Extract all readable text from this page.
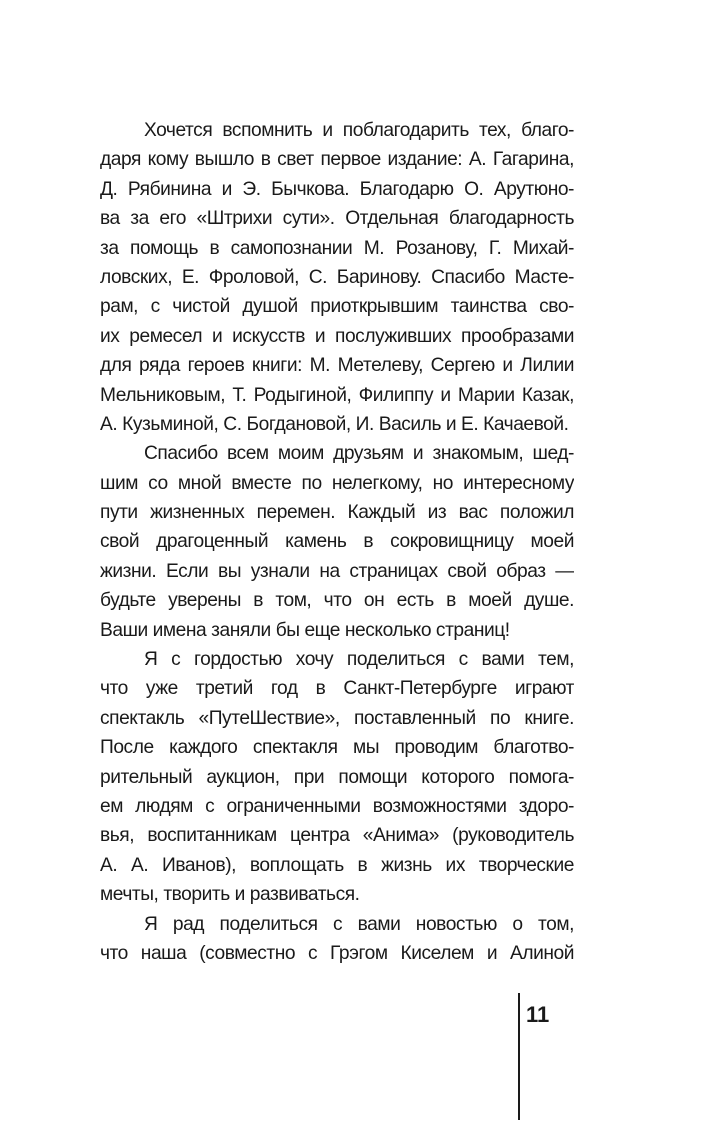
Хочется вспомнить и поблагодарить тех, благо-
даря кому вышло в свет первое издание: А. Гагарина,
Д. Рябинина и Э. Бычкова. Благодарю О. Арутюно-
ва за его «Штрихи сути». Отдельная благодарность
за помощь в самопознании М. Розанову, Г. Михай-
ловских, Е. Фроловой, С. Баринову. Спасибо Масте-
рам, с чистой душой приоткрывшим таинства сво-
их ремесел и искусств и послуживших прообразами
для ряда героев книги: М. Метелеву, Сергею и Лилии
Мельниковым, Т. Родыгиной, Филиппу и Марии Казак,
А. Кузьминой, С. Богдановой, И. Василь и Е. Качаевой.
Спасибо всем моим друзьям и знакомым, шед-
шим со мной вместе по нелегкому, но интересному
пути жизненных перемен. Каждый из вас положил
свой драгоценный камень в сокровищницу моей
жизни. Если вы узнали на страницах свой образ —
будьте уверены в том, что он есть в моей душе.
Ваши имена заняли бы еще несколько страниц!
Я с гордостью хочу поделиться с вами тем,
что уже третий год в Санкт-Петербурге играют
спектакль «ПутеШествие», поставленный по книге.
После каждого спектакля мы проводим благотво-
рительный аукцион, при помощи которого помога-
ем людям с ограниченными возможностями здоро-
вья, воспитанникам центра «Анима» (руководитель
А. А. Иванов), воплощать в жизнь их творческие
мечты, творить и развиваться.
Я рад поделиться с вами новостью о том,
что наша (совместно с Грэгом Киселем и Алиной
11
